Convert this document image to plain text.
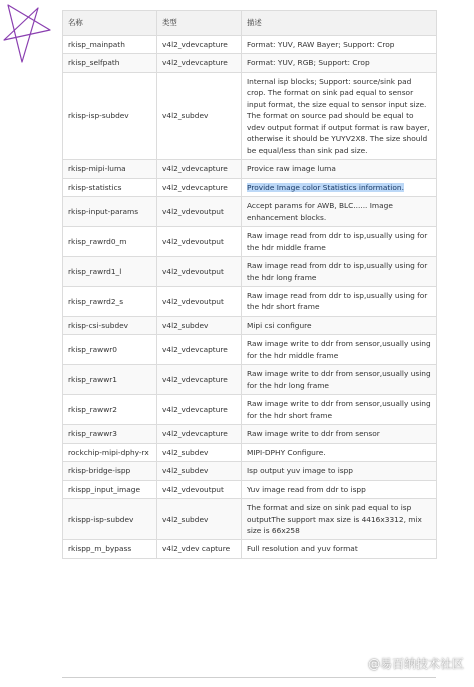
名称	类型	描述
rkisp_mainpath	v4l2_vdevcapture	Format: YUV, RAW Bayer; Support: Crop
rkisp_selfpath	v4l2_vdevcapture	Format: YUV, RGB; Support: Crop
rkisp-isp-subdev	v4l2_subdev	Internal isp blocks; Support: source/sink pad crop. The format on sink pad equal to sensor input format, the size equal to sensor input size. The format on source pad should be equal to vdev output format if output format is raw bayer, otherwise it should be YUYV2X8. The size should be equal/less than sink pad size.
rkisp-mipi-luma	v4l2_vdevcapture	Provice raw image luma
rkisp-statistics	v4l2_vdevcapture	Provide Image color Statistics information.
rkisp-input-params	v4l2_vdevoutput	Accept params for AWB, BLC...... Image enhancement blocks.
rkisp_rawrd0_m	v4l2_vdevoutput	Raw image read from ddr to isp,usually using for the hdr middle frame
rkisp_rawrd1_l	v4l2_vdevoutput	Raw image read from ddr to isp,usually using for the hdr long frame
rkisp_rawrd2_s	v4l2_vdevoutput	Raw image read from ddr to isp,usually using for the hdr short frame
rkisp-csi-subdev	v4l2_subdev	Mipi csi configure
rkisp_rawwr0	v4l2_vdevcapture	Raw image write to ddr from sensor,usually using for the hdr middle frame
rkisp_rawwr1	v4l2_vdevcapture	Raw image write to ddr from sensor,usually using for the hdr long frame
rkisp_rawwr2	v4l2_vdevcapture	Raw image write to ddr from sensor,usually using for the hdr short frame
rkisp_rawwr3	v4l2_vdevcapture	Raw image write to ddr from sensor
rockchip-mipi-dphy-rx	v4l2_subdev	MIPI-DPHY Configure.
rkisp-bridge-ispp	v4l2_subdev	Isp output yuv image to ispp
rkispp_input_image	v4l2_vdevoutput	Yuv image read from ddr to ispp
rkispp-isp-subdev	v4l2_subdev	The format and size on sink pad equal to isp outputThe support max size is 4416x3312, mix size is 66x258
rkispp_m_bypass	v4l2_vdev capture	Full resolution and yuv format
@易百纳技术社区
